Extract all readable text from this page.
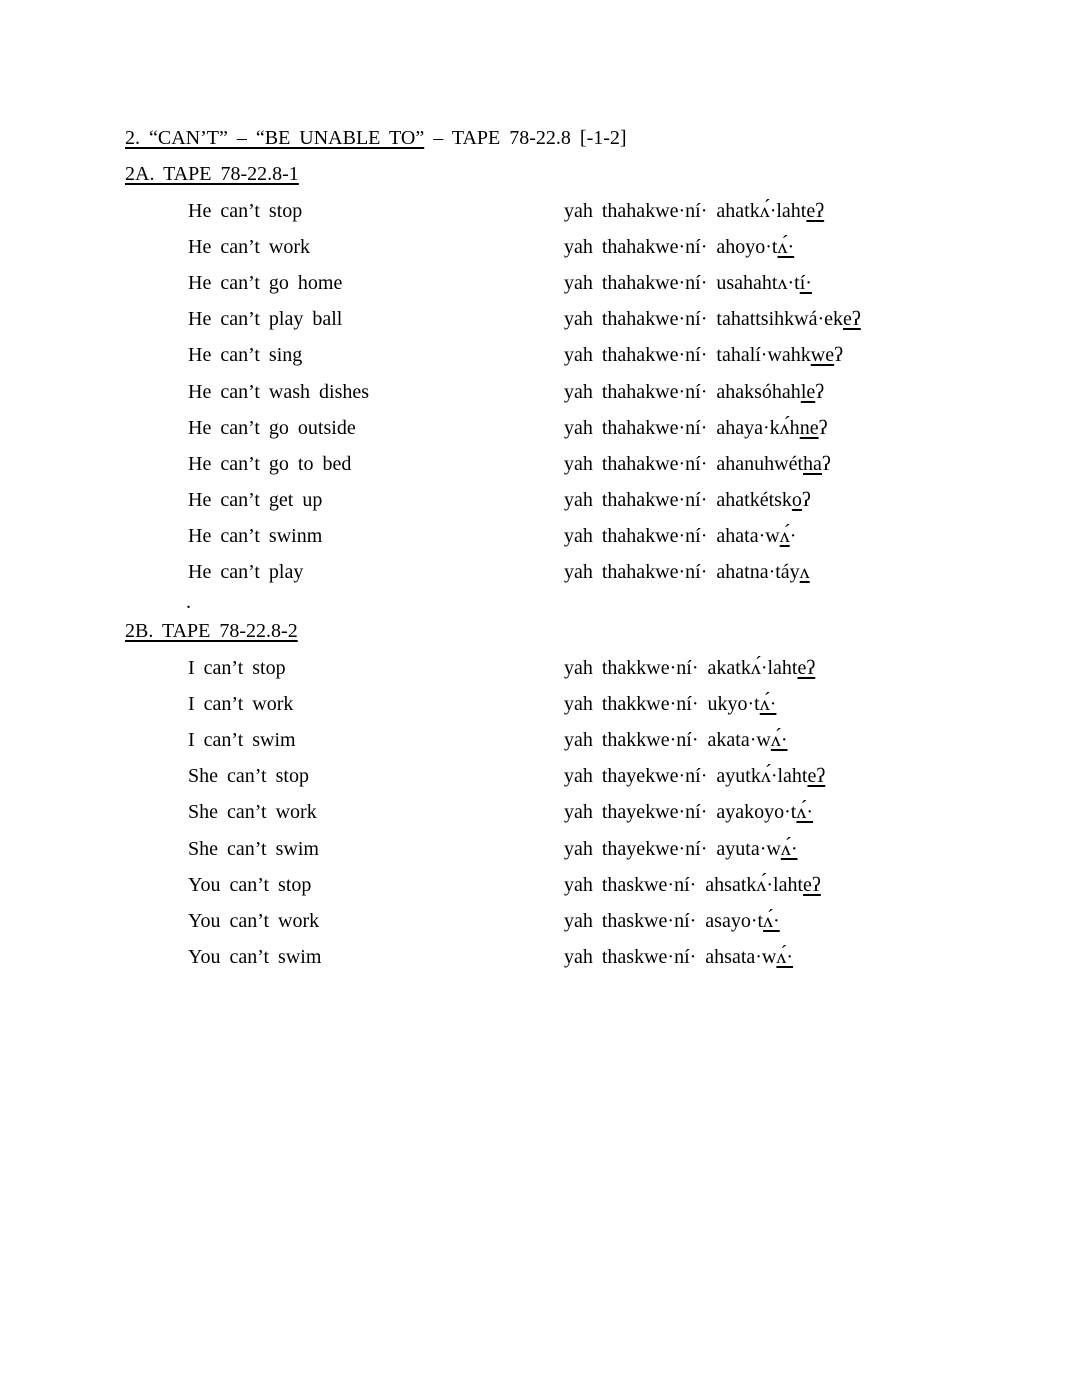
2. “CAN’T” – “BE UNABLE TO” – TAPE 78-22.8 [-1-2]
2A. TAPE 78-22.8-1
He can’t stop	yah thahakwe·ní· ahatkʌ́·lahteʔ
He can’t work	yah thahakwe·ní· ahoyo·tʌ́·
He can’t go home	yah thahakwe·ní· usahahtʌ·tí·
He can’t play ball	yah thahakwe·ní· tahattsihkwá·ekeʔ
He can’t sing	yah thahakwe·ní· tahalí·wahkweʔ
He can’t wash dishes	yah thahakwe·ní· ahaksóhahleʔ
He can’t go outside	yah thahakwe·ní· ahaya·kʌ́hneʔ
He can’t go to bed	yah thahakwe·ní· ahanuhwéthaʔ
He can’t get up	yah thahakwe·ní· ahatkétskoʔ
He can’t swinm	yah thahakwe·ní· ahata·wʌ́·
He can’t play	yah thahakwe·ní· ahatna·táyʌ
.
2B. TAPE 78-22.8-2
I can’t stop	yah thakkwe·ní· akatkʌ́·lahteʔ
I can’t work	yah thakkwe·ní· ukyo·tʌ́·
I can’t swim	yah thakkwe·ní· akata·wʌ́·
She can’t stop	yah thayekwe·ní· ayutkʌ́·lahteʔ
She can’t work	yah thayekwe·ní· ayakoyo·tʌ́·
She can’t swim	yah thayekwe·ní· ayuta·wʌ́·
You can’t stop	yah thaskwe·ní· ahsatkʌ́·lahteʔ
You can’t work	yah thaskwe·ní· asayo·tʌ́·
You can’t swim	yah thaskwe·ní· ahsata·wʌ́·
